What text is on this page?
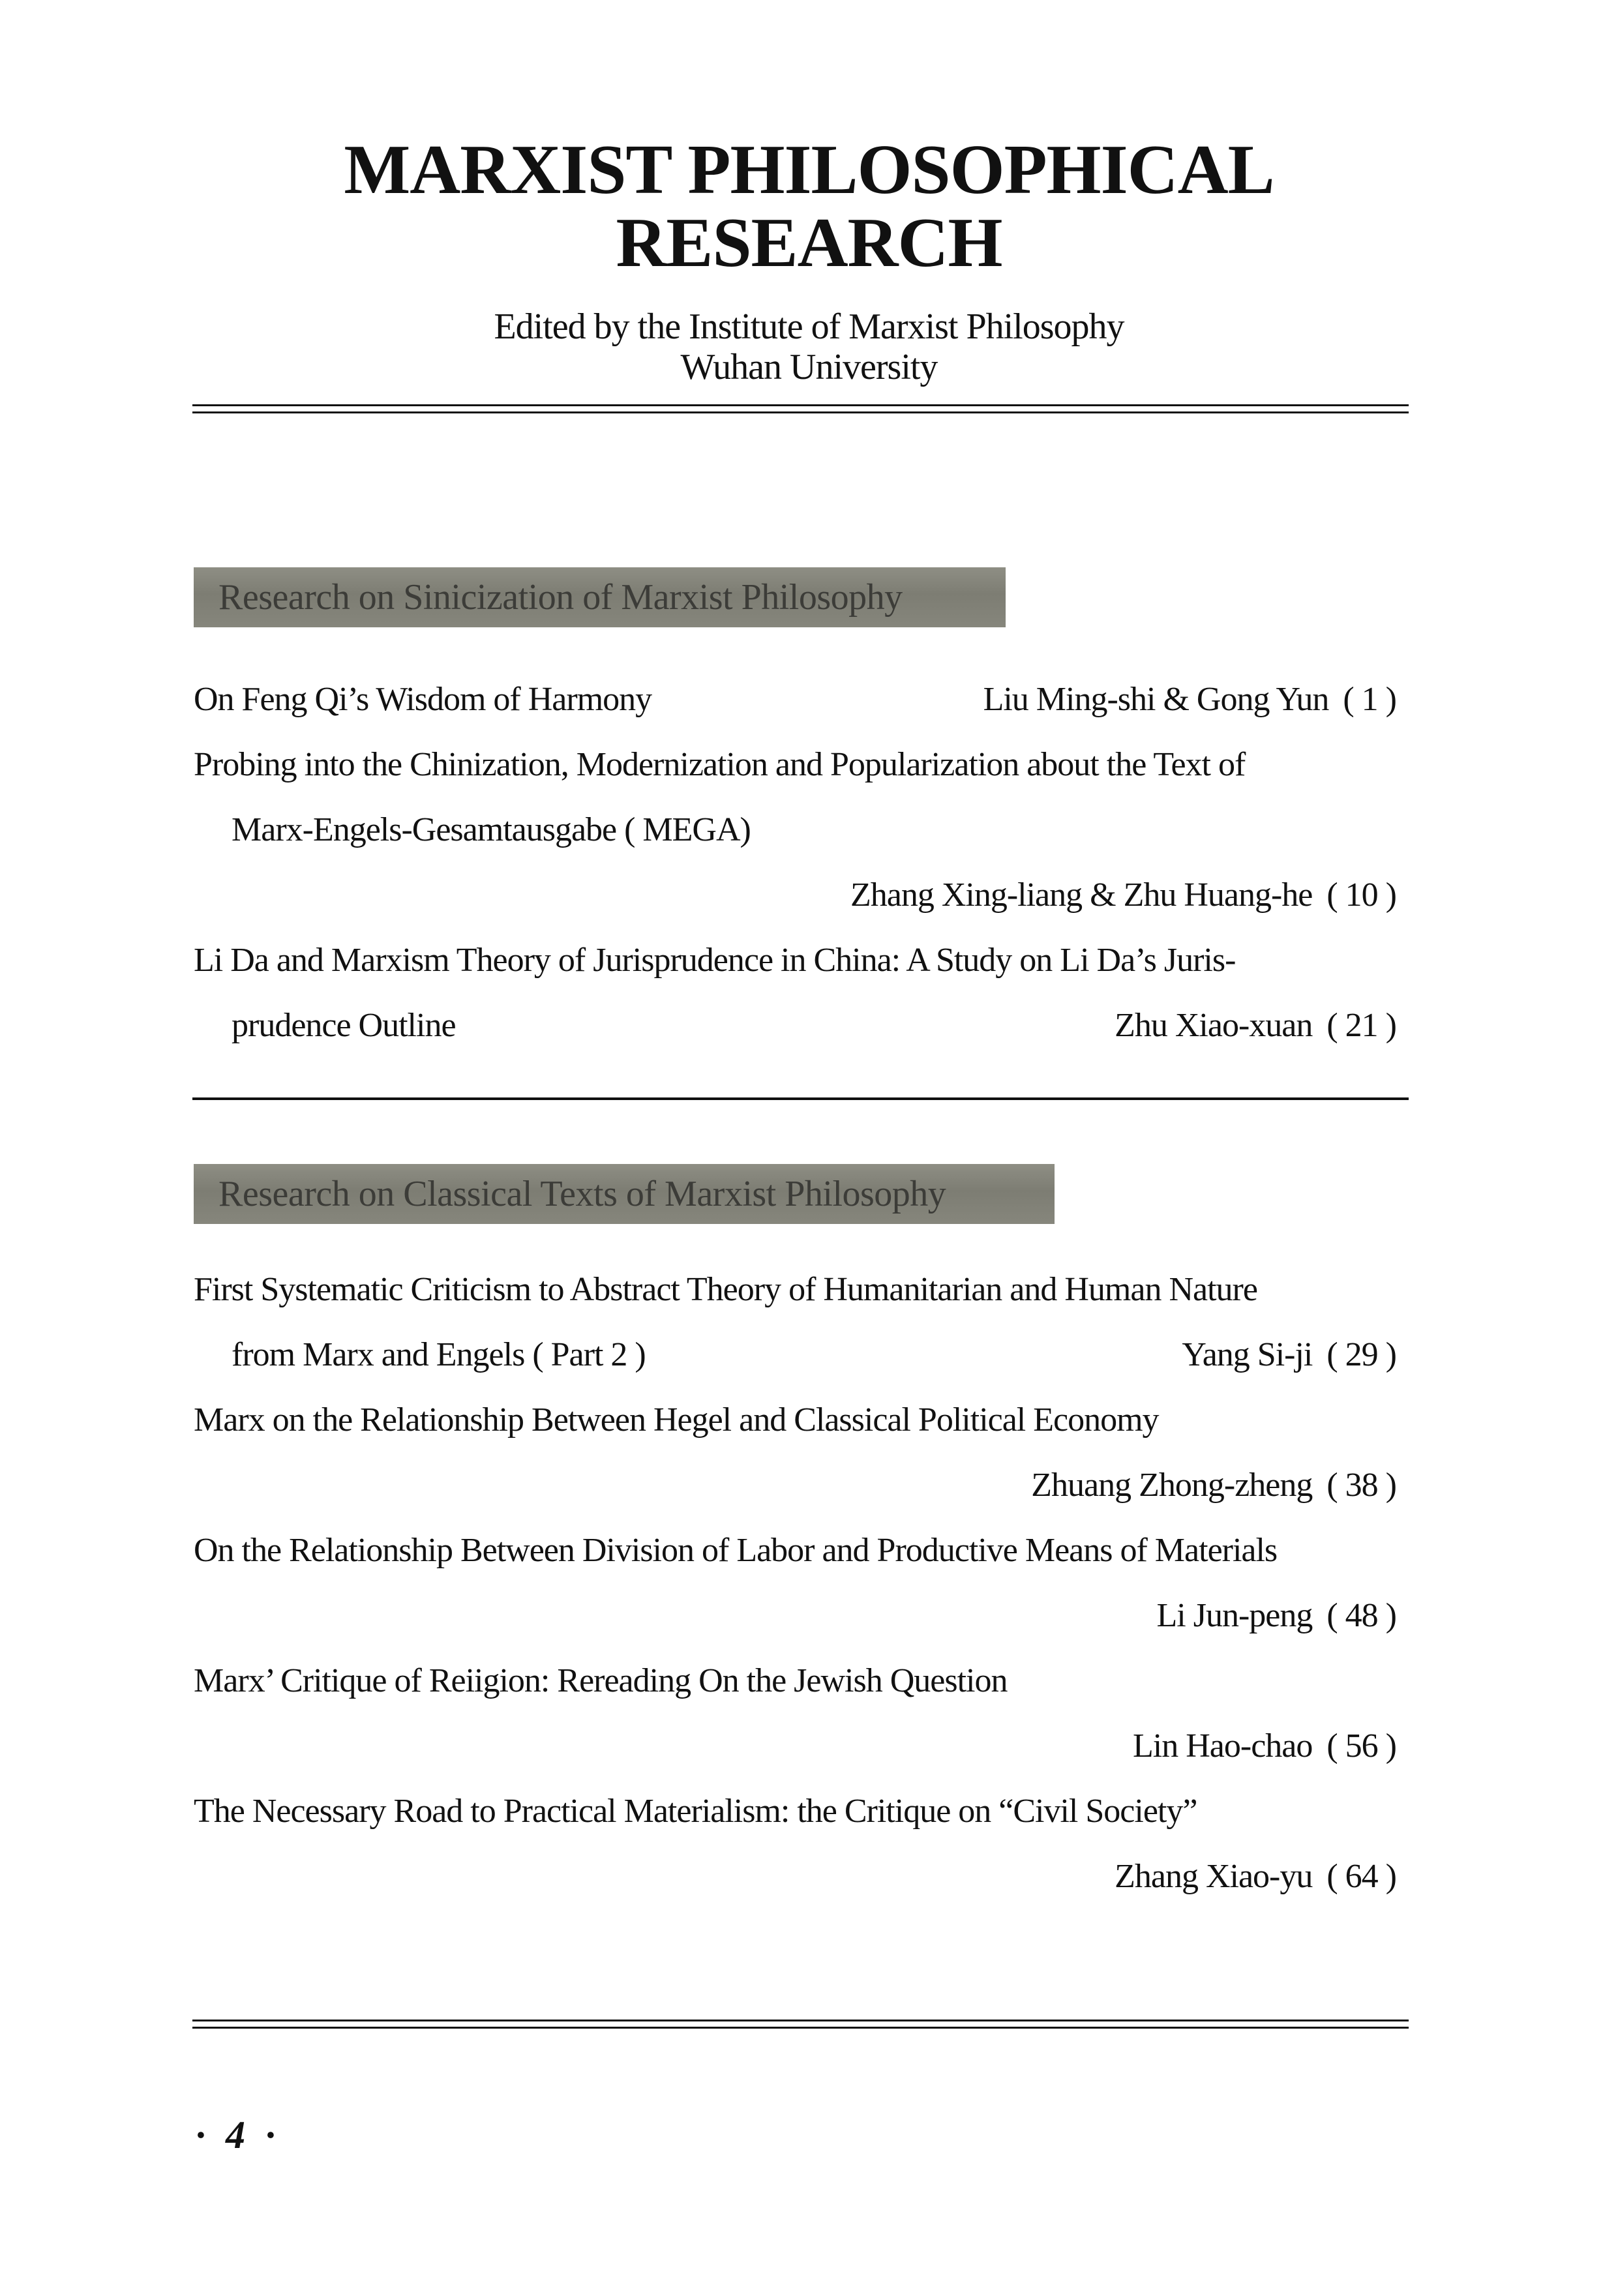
MARXIST PHILOSOPHICAL
RESEARCH
Edited by the Institute of Marxist Philosophy
Wuhan University
Research on Sinicization of Marxist Philosophy
On Feng Qi’s Wisdom of Harmony	Liu Ming-shi & Gong Yun ( 1 )
Probing into the Chinization, Modernization and Popularization about the Text of
Marx-Engels-Gesamtausgabe ( MEGA)
Zhang Xing-liang & Zhu Huang-he ( 10 )
Li Da and Marxism Theory of Jurisprudence in China: A Study on Li Da’s Juris-
prudence Outline	Zhu Xiao-xuan ( 21 )
Research on Classical Texts of Marxist Philosophy
First Systematic Criticism to Abstract Theory of Humanitarian and Human Nature
from Marx and Engels ( Part 2 )	Yang Si-ji ( 29 )
Marx on the Relationship Between Hegel and Classical Political Economy
Zhuang Zhong-zheng ( 38 )
On the Relationship Between Division of Labor and Productive Means of Materials
Li Jun-peng ( 48 )
Marx’ Critique of Reiigion: Rereading On the Jewish Question
Lin Hao-chao ( 56 )
The Necessary Road to Practical Materialism: the Critique on “Civil Society”
Zhang Xiao-yu ( 64 )
· 4 ·
